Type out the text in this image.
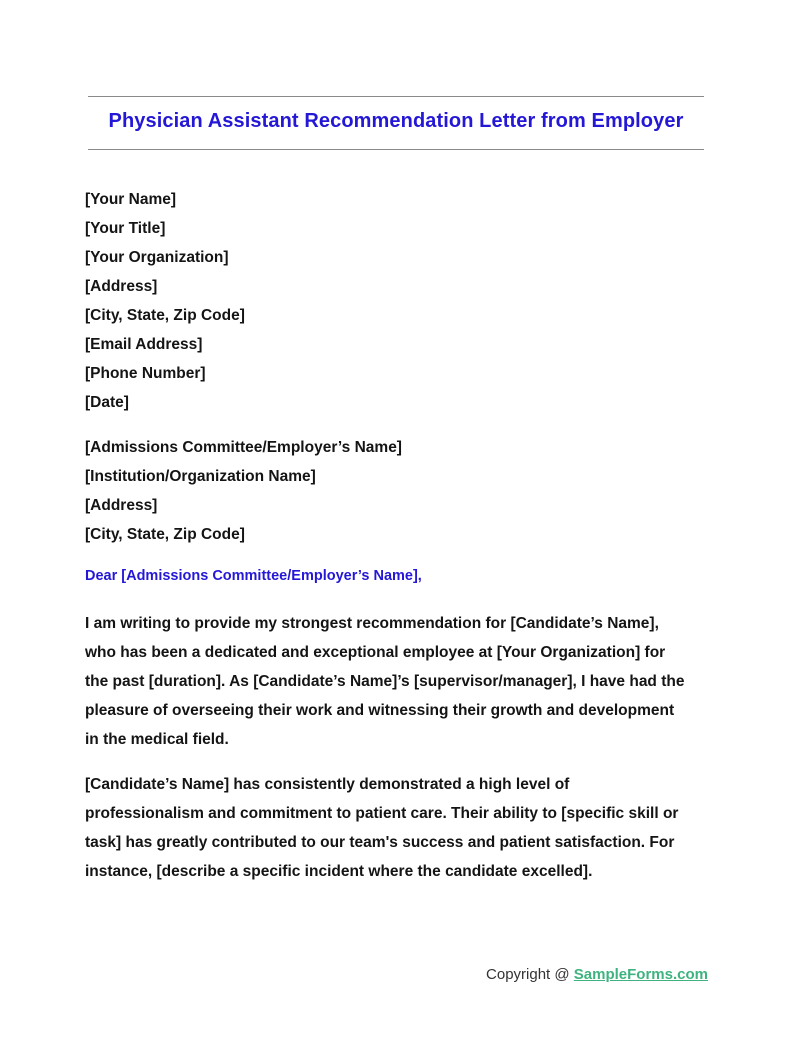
Physician Assistant Recommendation Letter from Employer
[Your Name]
[Your Title]
[Your Organization]
[Address]
[City, State, Zip Code]
[Email Address]
[Phone Number]
[Date]
[Admissions Committee/Employer’s Name]
[Institution/Organization Name]
[Address]
[City, State, Zip Code]
Dear [Admissions Committee/Employer’s Name],
I am writing to provide my strongest recommendation for [Candidate’s Name],
who has been a dedicated and exceptional employee at [Your Organization] for
the past [duration]. As [Candidate’s Name]’s [supervisor/manager], I have had the
pleasure of overseeing their work and witnessing their growth and development
in the medical field.
[Candidate’s Name] has consistently demonstrated a high level of
professionalism and commitment to patient care. Their ability to [specific skill or
task] has greatly contributed to our team's success and patient satisfaction. For
instance, [describe a specific incident where the candidate excelled].
Copyright @ SampleForms.com
